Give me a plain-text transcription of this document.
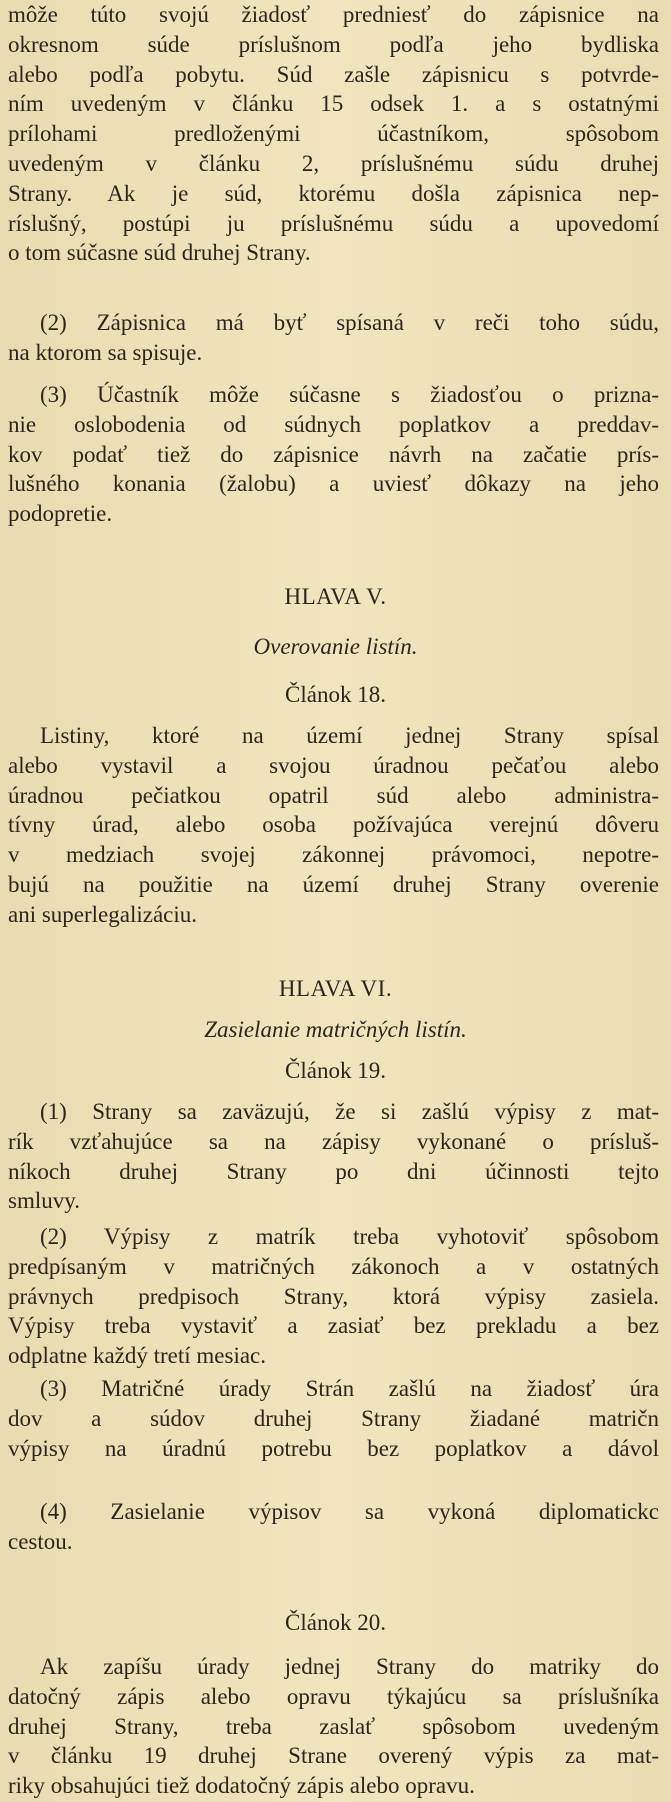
môže túto svojú žiadosť predniesť do zápisnice na
okresnom súde príslušnom podľa jeho bydliska
alebo podľa pobytu. Súd zašle zápisnicu s potvrde-
ním uvedeným v článku 15 odsek 1. a s ostatnými
prílohami predloženými účastníkom, spôsobom
uvedeným v článku 2, príslušnému súdu druhej
Strany. Ak je súd, ktorému došla zápisnica nep-
ríslušný, postúpi ju príslušnému súdu a upovedomí
o tom súčasne súd druhej Strany.
(2) Zápisnica má byť spísaná v reči toho súdu,
na ktorom sa spisuje.
(3) Účastník môže súčasne s žiadosťou o prizna-
nie oslobodenia od súdnych poplatkov a preddav-
kov podať tiež do zápisnice návrh na začatie prís-
lušného konania (žalobu) a uviesť dôkazy na jeho
podopretie.
HLAVA V.
Overovanie listín.
Článok 18.
Listiny, ktoré na území jednej Strany spísal
alebo vystavil a svojou úradnou pečaťou alebo
úradnou pečiatkou opatril súd alebo administra-
tívny úrad, alebo osoba požívajúca verejnú dôveru
v medziach svojej zákonnej právomoci, nepotre-
bujú na použitie na území druhej Strany overenie
ani superlegalizáciu.
HLAVA VI.
Zasielanie matričných listín.
Článok 19.
(1) Strany sa zaväzujú, že si zašlú výpisy z mat-
rík vzťahujúce sa na zápisy vykonané o prísluš-
níkoch druhej Strany po dni účinnosti tejto
smluvy.
(2) Výpisy z matrík treba vyhotoviť spôsobom
predpísaným v matričných zákonoch a v ostatných
právnych predpisoch Strany, ktorá výpisy zasiela.
Výpisy treba vystaviť a zasiať bez prekladu a bez
odplatne každý tretí mesiac.
(3) Matričné úrady Strán zašlú na žiadosť úra
dov a súdov druhej Strany žiadané matričn
výpisy na úradnú potrebu bez poplatkov a dávol
(4) Zasielanie výpisov sa vykoná diplomatickc
cestou.
Článok 20.
Ak zapíšu úrady jednej Strany do matriky do
datočný zápis alebo opravu týkajúcu sa príslušníka
druhej Strany, treba zaslať spôsobom uvedeným
v článku 19 druhej Strane overený výpis za mat-
riky obsahujúci tiež dodatočný zápis alebo opravu.
